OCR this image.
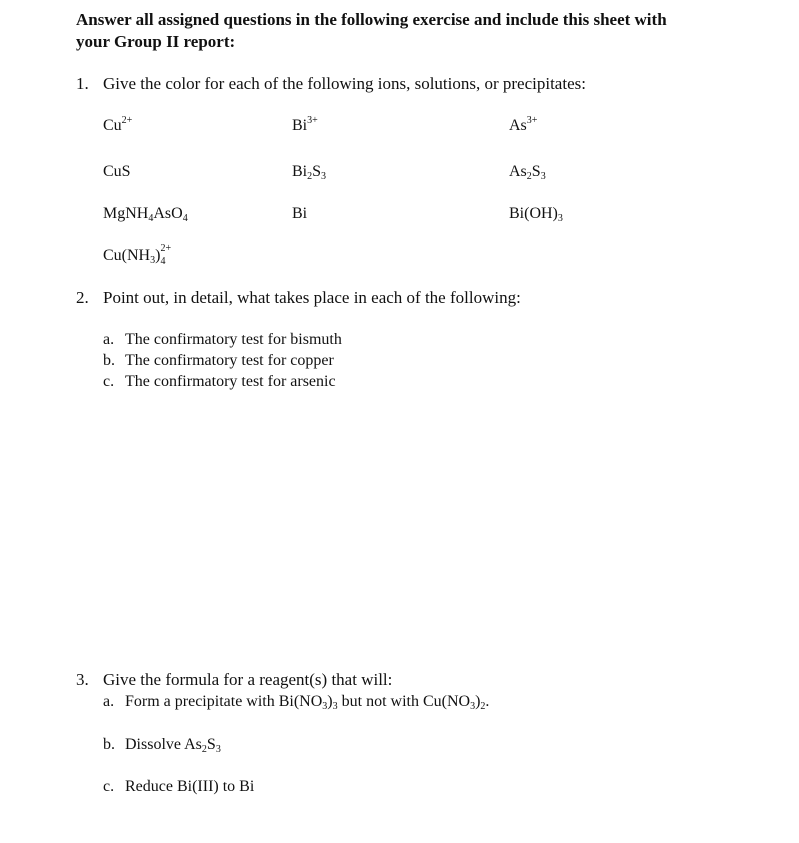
Answer all assigned questions in the following exercise and include this sheet with
your Group II report:
1. Give the color for each of the following ions, solutions, or precipitates:
$Cu^{2+}$	$Bi^{3+}$	$As^{3+}$
CuS	$Bi_2S_3$	$As_2S_3$
MgNH$_4$AsO$_4$	Bi	$Bi(OH)_3$
$Cu(NH_3)_4^{2+}$
2. Point out, in detail, what takes place in each of the following:
a. The confirmatory test for bismuth
b. The confirmatory test for copper
c. The confirmatory test for arsenic
3. Give the formula for a reagent(s) that will:
a. Form a precipitate with $Bi(NO_3)_3$ but not with $Cu(NO_3)_2$.
b. Dissolve $As_2S_3$
c. Reduce Bi(III) to Bi
